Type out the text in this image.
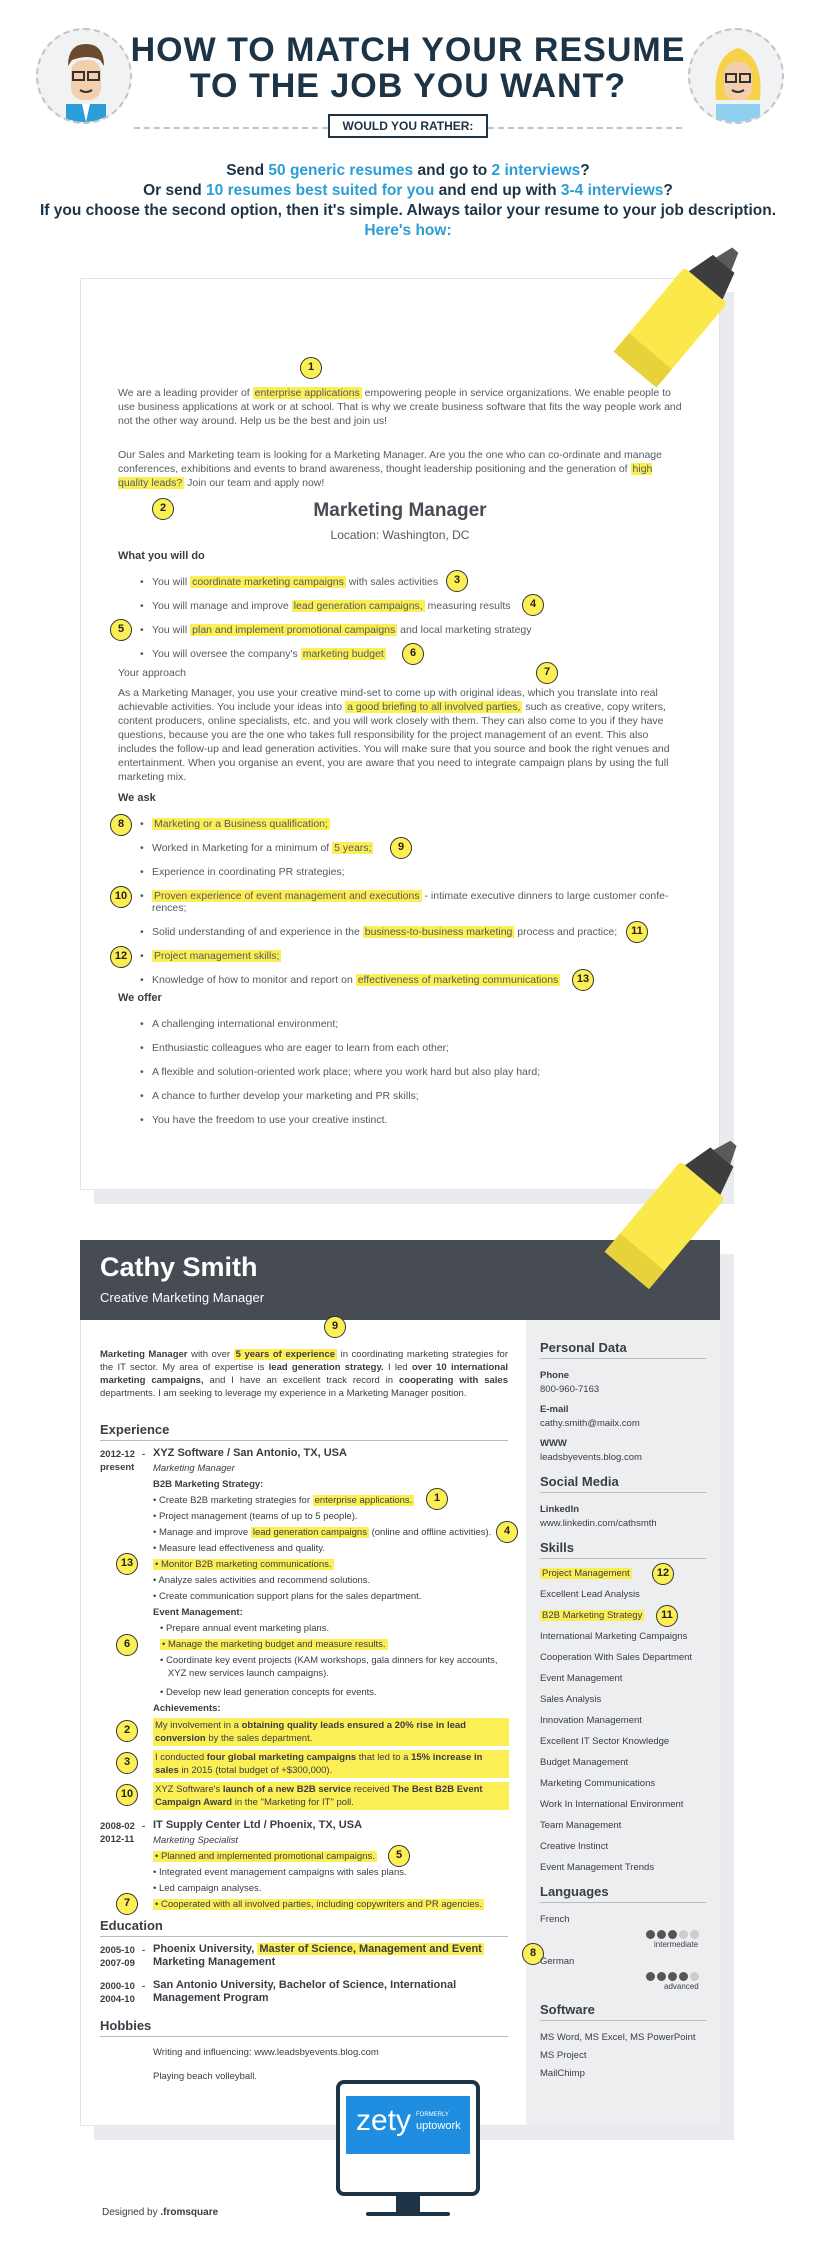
HOW TO MATCH YOUR RESUME
TO THE JOB YOU WANT?
WOULD YOU RATHER:
Send 50 generic resumes and go to 2 interviews?
Or send 10 resumes best suited for you and end up with 3-4 interviews?
If you choose the second option, then it's simple. Always tailor your resume to your job description.
Here's how:
1
We are a leading provider of enterprise applications empowering people in service organizations. We enable people to use business applications at work or at school. That is why we create business software that fits the way people work and not the other way around. Help us be the best and join us!
Our Sales and Marketing team is looking for a Marketing Manager. Are you the one who can co-ordinate and manage conferences, exhibitions and events to brand awareness, thought leadership positioning and the generation of high quality leads? Join our team and apply now!
2	Marketing Manager
Location: Washington, DC
What you will do
• You will coordinate marketing campaigns with sales activities	3
• You will manage and improve lead generation campaigns, measuring results	4
5	• You will plan and implement promotional campaigns and local marketing strategy
• You will oversee the company's marketing budget	6
Your approach	7
As a Marketing Manager, you use your creative mind-set to come up with original ideas, which you translate into real achievable activities. You include your ideas into a good briefing to all involved parties, such as creative, copy writers, content producers, online specialists, etc. and you will work closely with them. They can also come to you if they have questions, because you are the one who takes full responsibility for the project management of an event. This also includes the follow-up and lead generation activities. You will make sure that you source and book the right venues and entertainment. When you organise an event, you are aware that you need to integrate campaign plans by using the full marketing mix.
We ask
8	• Marketing or a Business qualification;
• Worked in Marketing for a minimum of 5 years;	9
• Experience in coordinating PR strategies;
10	• Proven experience of event management and executions - intimate executive dinners to large customer confe-
rences;
• Solid understanding of and experience in the business-to-business marketing process and practice;	11
12	• Project management skills;
• Knowledge of how to monitor and report on effectiveness of marketing communications	13
We offer
• A challenging international environment;
• Enthusiastic colleagues who are eager to learn from each other;
• A flexible and solution-oriented work place; where you work hard but also play hard;
• A chance to further develop your marketing and PR skills;
• You have the freedom to use your creative instinct.
Cathy Smith
Creative Marketing Manager
9
Marketing Manager with over 5 years of experience in coordinating marketing strategies for the IT sector. My area of expertise is lead generation strategy. I led over 10 international marketing campaigns, and I have an excellent track record in cooperating with sales departments. I am seeking to leverage my experience in a Marketing Manager position.
Experience
2012-12
present
- XYZ Software / San Antonio, TX, USA
Marketing Manager
B2B Marketing Strategy:
• Create B2B marketing strategies for enterprise applications.	1
• Project management (teams of up to 5 people).
• Manage and improve lead generation campaigns (online and offline activities).	4
• Measure lead effectiveness and quality.
13	• Monitor B2B marketing communications.
• Analyze sales activities and recommend solutions.
• Create communication support plans for the sales department.
Event Management:
• Prepare annual event marketing plans.
6	• Manage the marketing budget and measure results.
• Coordinate key event projects (KAM workshops, gala dinners for key accounts,
XYZ new services launch campaigns).
• Develop new lead generation concepts for events.
Achievements:
2	My involvement in a obtaining quality leads ensured a 20% rise in lead
conversion by the sales department.
3	I conducted four global marketing campaigns that led to a 15% increase in
sales in 2015 (total budget of +$300,000).
10	XYZ Software's launch of a new B2B service received The Best B2B Event
Campaign Award in the "Marketing for IT" poll.
2008-02
2012-11
- IT Supply Center Ltd / Phoenix, TX, USA
Marketing Specialist
• Planned and implemented promotional campaigns.	5
• Integrated event management campaigns with sales plans.
• Led campaign analyses.
7	• Cooperated with all involved parties, including copywriters and PR agencies.
Education
2005-10
2007-09
- Phoenix University, Master of Science, Management and Event
Marketing Management
8
2000-10
2004-10
- San Antonio University, Bachelor of Science, International
Management Program
Hobbies
Writing and influencing: www.leadsbyevents.blog.com
Playing beach volleyball.
Personal Data
Phone
800-960-7163
E-mail
cathy.smith@mailx.com
WWW
leadsbyevents.blog.com
Social Media
LinkedIn
www.linkedin.com/cathsmth
Skills
Project Management	12
Excellent Lead Analysis
B2B Marketing Strategy	11
International Marketing Campaigns
Cooperation With Sales Department
Event Management
Sales Analysis
Innovation Management
Excellent IT Sector Knowledge
Budget Management
Marketing Communications
Work In International Environment
Team Management
Creative Instinct
Event Management Trends
Languages
French
intermediate
German
advanced
Software
MS Word, MS Excel, MS PowerPoint
MS Project
MailChimp
zety FORMERLY
uptowork
Designed by .fromsquare
